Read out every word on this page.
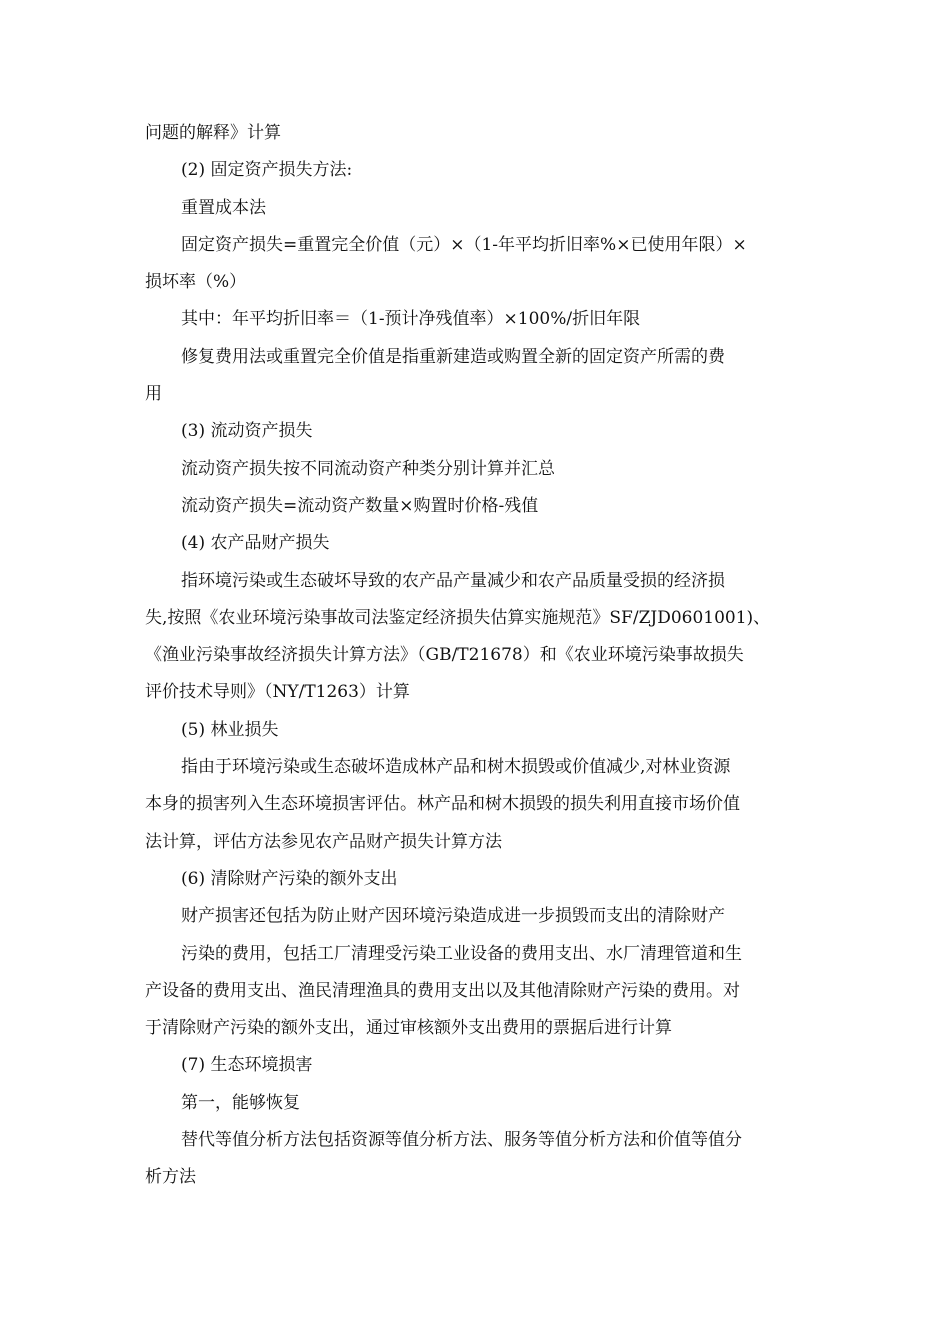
问题的解释》计算

(2) 固定资产损失方法:

重置成本法

固定资产损失=重置完全价值（元）×（1-年平均折旧率%×已使用年限）×
损坏率（%）

其中：年平均折旧率＝（1-预计净残值率）×100%/折旧年限

修复费用法或重置完全价值是指重新建造或购置全新的固定资产所需的费
用

(3) 流动资产损失

流动资产损失按不同流动资产种类分别计算并汇总

流动资产损失=流动资产数量×购置时价格-残值

(4) 农产品财产损失

指环境污染或生态破坏导致的农产品产量减少和农产品质量受损的经济损
失,按照《农业环境污染事故司法鉴定经济损失估算实施规范》SF/ZJD0601001)、
《渔业污染事故经济损失计算方法》（GB/T21678）和《农业环境污染事故损失
评价技术导则》（NY/T1263）计算

(5) 林业损失

指由于环境污染或生态破坏造成林产品和树木损毁或价值减少,对林业资源
本身的损害列入生态环境损害评估。林产品和树木损毁的损失利用直接市场价值
法计算，评估方法参见农产品财产损失计算方法

(6) 清除财产污染的额外支出

财产损害还包括为防止财产因环境污染造成进一步损毁而支出的清除财产

污染的费用，包括工厂清理受污染工业设备的费用支出、水厂清理管道和生
产设备的费用支出、渔民清理渔具的费用支出以及其他清除财产污染的费用。对
于清除财产污染的额外支出，通过审核额外支出费用的票据后进行计算

(7) 生态环境损害

第一，能够恢复

替代等值分析方法包括资源等值分析方法、服务等值分析方法和价值等值分
析方法
